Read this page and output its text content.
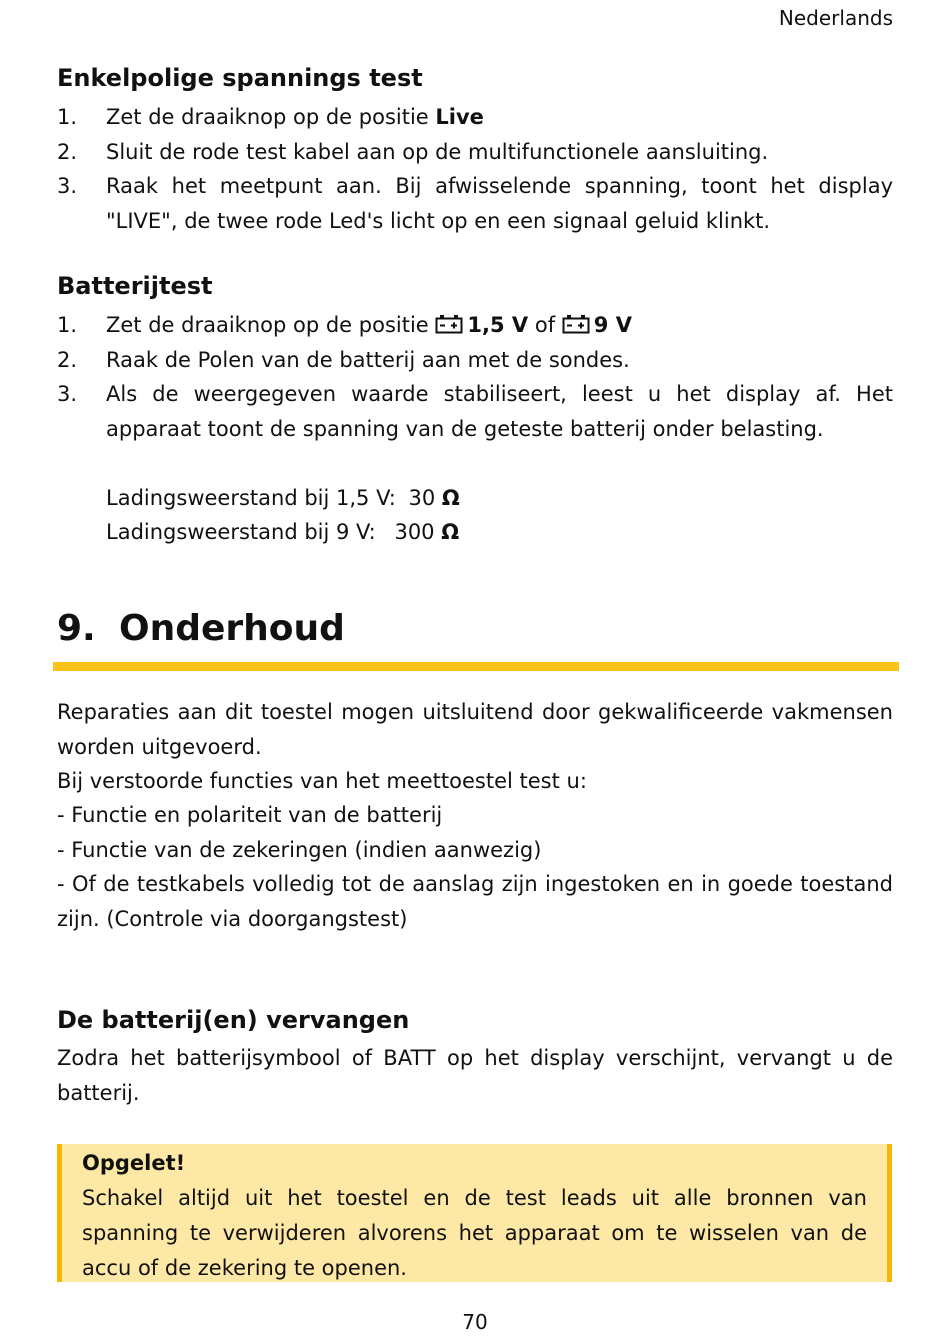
Nederlands
Enkelpolige spannings test
1.	Zet de draaiknop op de positie Live
2.	Sluit de rode test kabel aan op de multifunctionele aansluiting.
3.	Raak het meetpunt aan. Bij afwisselende spanning, toont het display "LIVE", de twee rode Led's licht op en een signaal geluid klinkt.
Batterijtest
1.	Zet de draaiknop op de positie 1,5 V of 9 V
2.	Raak de Polen van de batterij aan met de sondes.
3.	Als de weergegeven waarde stabiliseert, leest u het display af. Het apparaat toont de spanning van de geteste batterij onder belasting.
Ladingsweerstand bij 1,5 V: 30 Ω
Ladingsweerstand bij 9 V: 300 Ω
9. Onderhoud
Reparaties aan dit toestel mogen uitsluitend door gekwalificeerde vakmensen worden uitgevoerd.
Bij verstoorde functies van het meettoestel test u:
- Functie en polariteit van de batterij
- Functie van de zekeringen (indien aanwezig)
- Of de testkabels volledig tot de aanslag zijn ingestoken en in goede toestand zijn. (Controle via doorgangstest)
De batterij(en) vervangen
Zodra het batterijsymbool of BATT op het display verschijnt, vervangt u de batterij.
Opgelet!
Schakel altijd uit het toestel en de test leads uit alle bronnen van spanning te verwijderen alvorens het apparaat om te wisselen van de accu of de zekering te openen.
70
